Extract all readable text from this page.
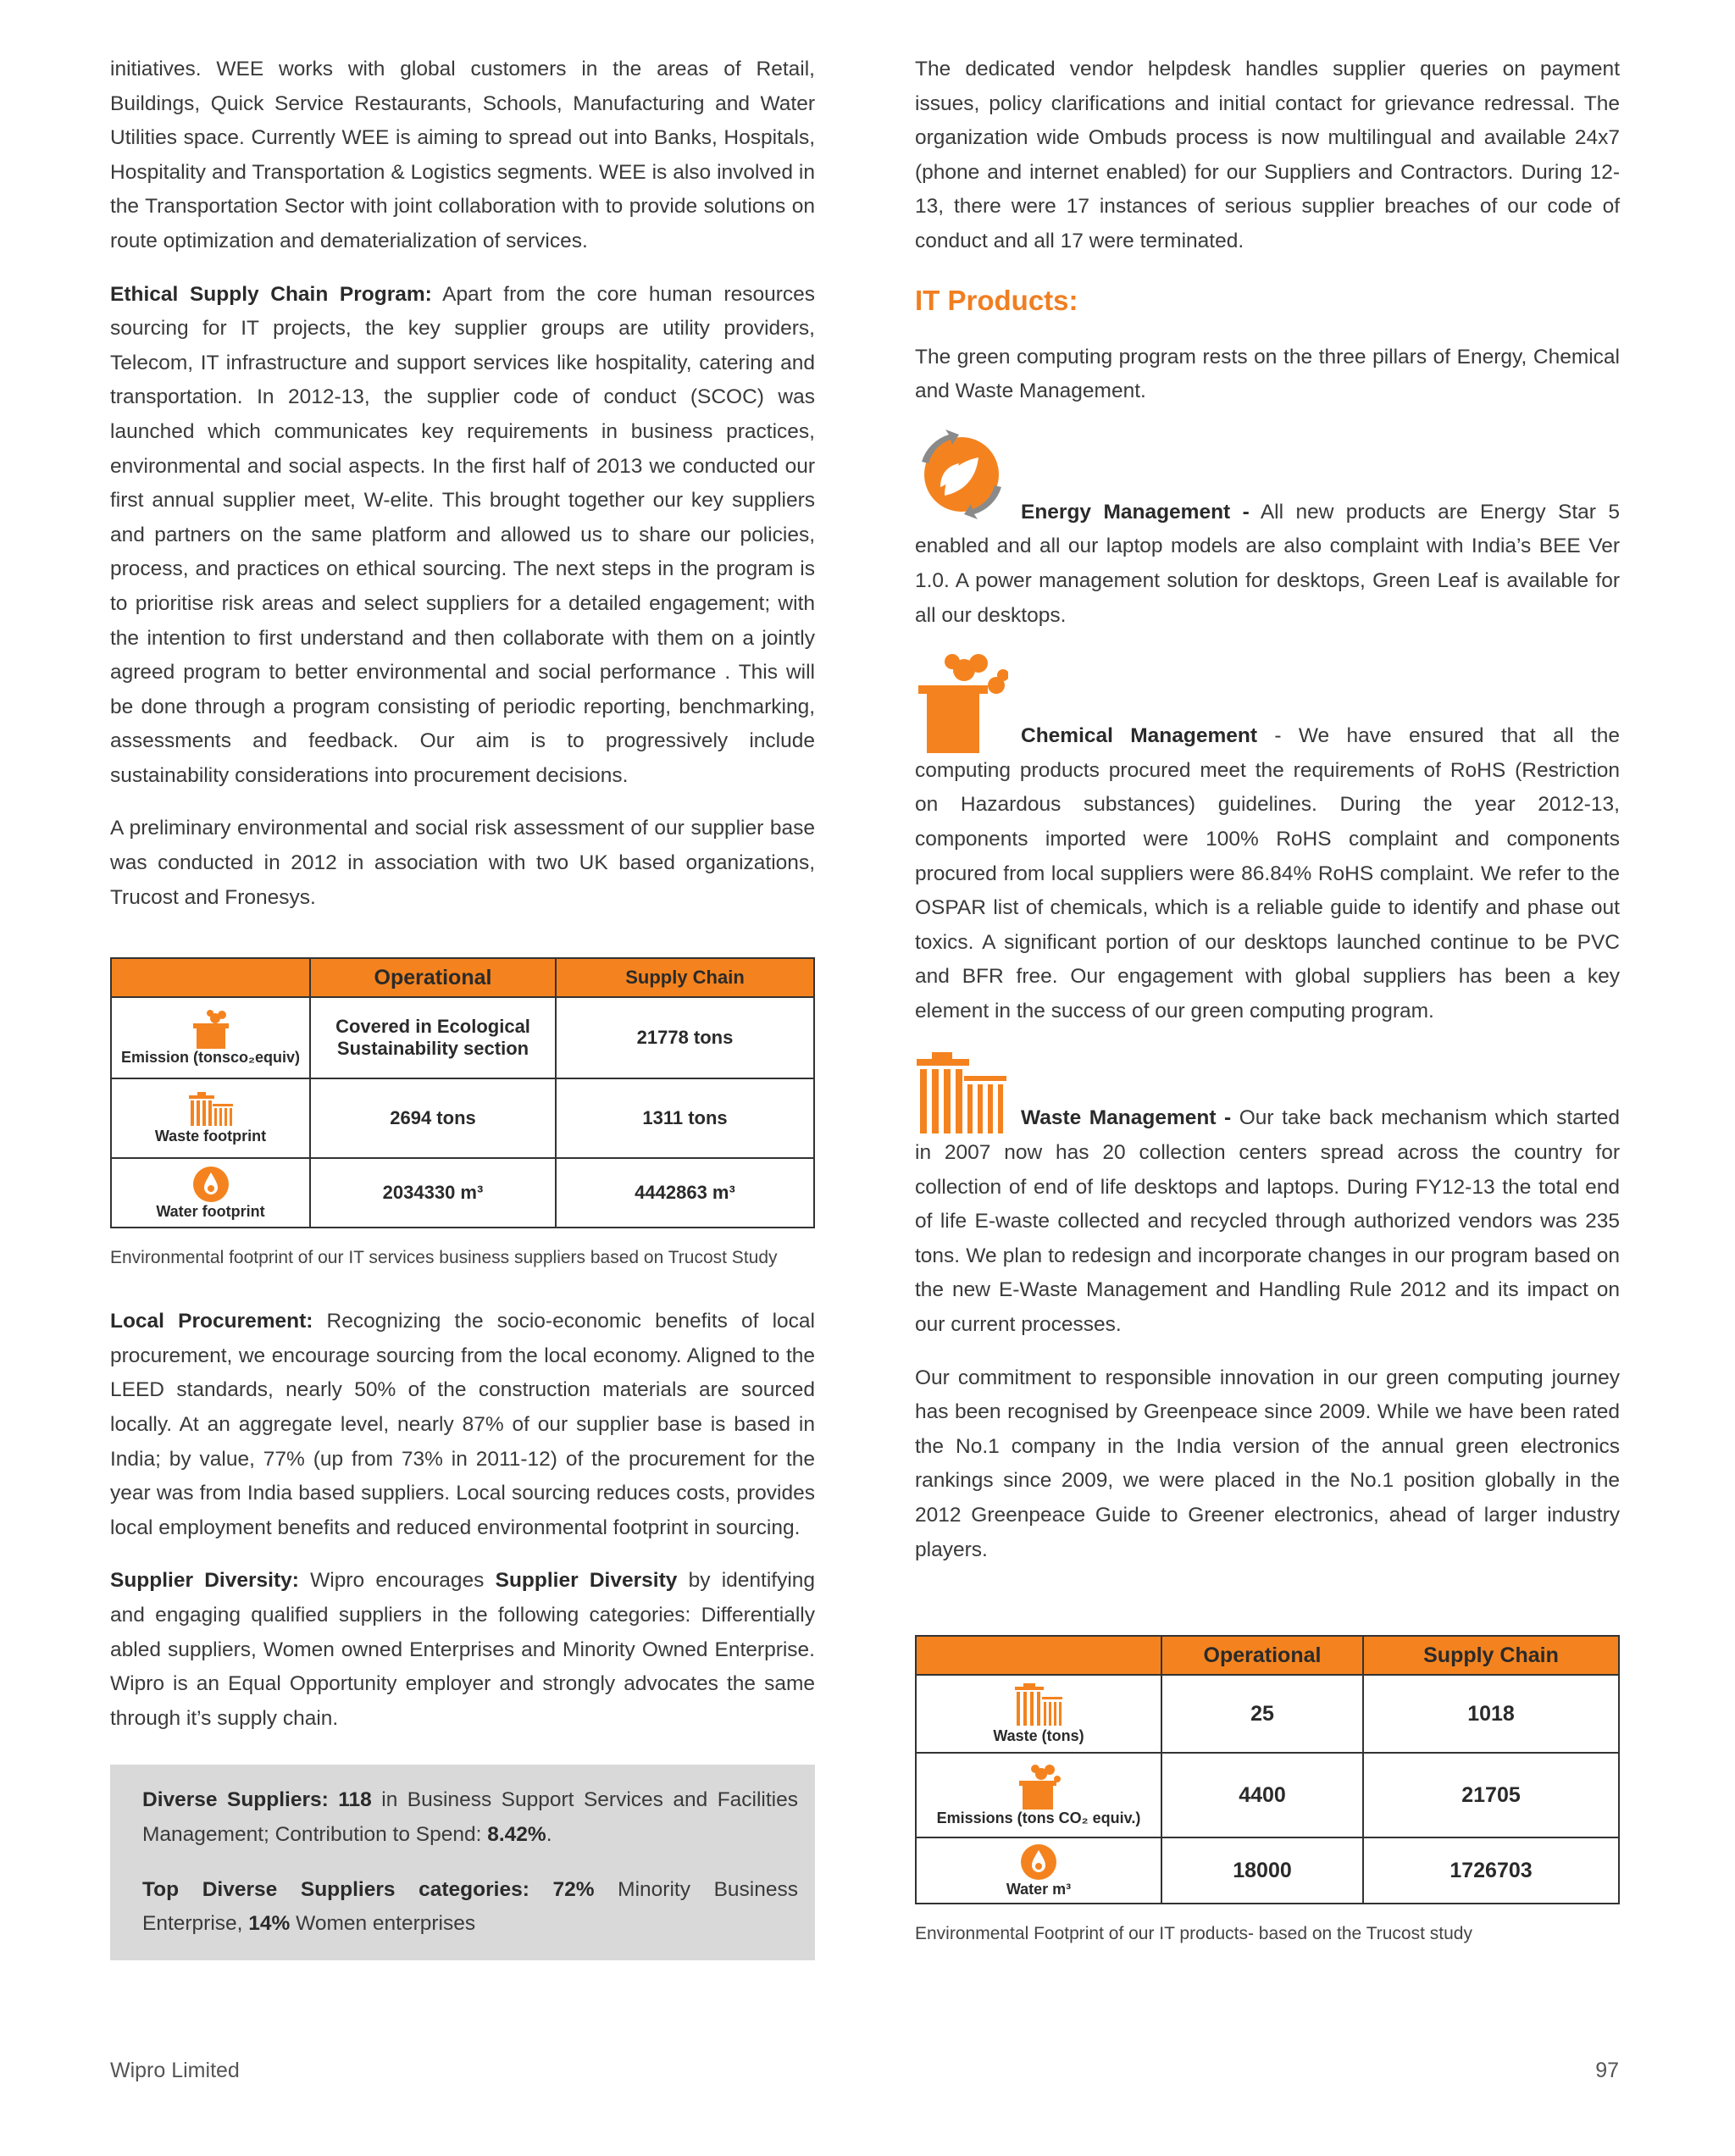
initiatives. WEE works with global customers in the areas of Retail, Buildings, Quick Service Restaurants, Schools, Manufacturing and Water Utilities space. Currently WEE is aiming to spread out into Banks, Hospitals, Hospitality and Transportation & Logistics segments. WEE is also involved in the Transportation Sector with joint collaboration with to provide solutions on route optimization and dematerialization of services.

Ethical Supply Chain Program: Apart from the core human resources sourcing for IT projects, the key supplier groups are utility providers, Telecom, IT infrastructure and support services like hospitality, catering and transportation. In 2012-13, the supplier code of conduct (SCOC) was launched which communicates key requirements in business practices, environmental and social aspects. In the first half of 2013 we conducted our first annual supplier meet, W-elite. This brought together our key suppliers and partners on the same platform and allowed us to share our policies, process, and practices on ethical sourcing. The next steps in the program is to prioritise risk areas and select suppliers for a detailed engagement; with the intention to first understand and then collaborate with them on a jointly agreed program to better environmental and social performance . This will be done through a program consisting of periodic reporting, benchmarking, assessments and feedback. Our aim is to progressively include sustainability considerations into procurement decisions.

A preliminary environmental and social risk assessment of our supplier base was conducted in 2012 in association with two UK based organizations, Trucost and Fronesys.

	Operational	Supply Chain

Emission (tonsco₂equiv)	Covered in Ecological Sustainability section	21778 tons

Waste footprint	2694 tons	1311 tons

Water footprint	2034330 m³	4442863 m³
Environmental footprint of our IT services business suppliers based on Trucost Study

Local Procurement: Recognizing the socio-economic benefits of local procurement, we encourage sourcing from the local economy. Aligned to the LEED standards, nearly 50% of the construction materials are sourced locally. At an aggregate level, nearly 87% of our supplier base is based in India; by value, 77% (up from 73% in 2011-12) of the procurement for the year was from India based suppliers. Local sourcing reduces costs, provides local employment benefits and reduced environmental footprint in sourcing.

Supplier Diversity: Wipro encourages Supplier Diversity by identifying and engaging qualified suppliers in the following categories: Differentially abled suppliers, Women owned Enterprises and Minority Owned Enterprise. Wipro is an Equal Opportunity employer and strongly advocates the same through it’s supply chain.

Diverse Suppliers: 118 in Business Support Services and Facilities Management; Contribution to Spend: 8.42%.

Top Diverse Suppliers categories: 72% Minority Business Enterprise, 14% Women enterprises

The dedicated vendor helpdesk handles supplier queries on payment issues, policy clarifications and initial contact for grievance redressal. The organization wide Ombuds process is now multilingual and available 24x7 (phone and internet enabled) for our Suppliers and Contractors. During 12-13, there were 17 instances of serious supplier breaches of our code of conduct and all 17 were terminated.

IT Products:

The green computing program rests on the three pillars of Energy, Chemical and Waste Management.

Energy Management - All new products are Energy Star 5 enabled and all our laptop models are also complaint with India’s BEE Ver 1.0. A power management solution for desktops, Green Leaf is available for all our desktops.

Chemical Management - We have ensured that all the computing products procured meet the requirements of RoHS (Restriction on Hazardous substances) guidelines. During the year 2012-13, components imported were 100% RoHS complaint and components procured from local suppliers were 86.84% RoHS complaint. We refer to the OSPAR list of chemicals, which is a reliable guide to identify and phase out toxics. A significant portion of our desktops launched continue to be PVC and BFR free. Our engagement with global suppliers has been a key element in the success of our green computing program.

Waste Management - Our take back mechanism which started in 2007 now has 20 collection centers spread across the country for collection of end of life desktops and laptops. During FY12-13 the total end of life E-waste collected and recycled through authorized vendors was 235 tons. We plan to redesign and incorporate changes in our program based on the new E-Waste Management and Handling Rule 2012 and its impact on our current processes.

Our commitment to responsible innovation in our green computing journey has been recognised by Greenpeace since 2009. While we have been rated the No.1 company in the India version of the annual green electronics rankings since 2009, we were placed in the No.1 position globally in the 2012 Greenpeace Guide to Greener electronics, ahead of larger industry players.

	Operational	Supply Chain

Waste (tons)	25	1018

Emissions (tons CO₂ equiv.)	4400	21705

Water m³	18000	1726703
Environmental Footprint of our IT products- based on the Trucost study
Wipro Limited	97
